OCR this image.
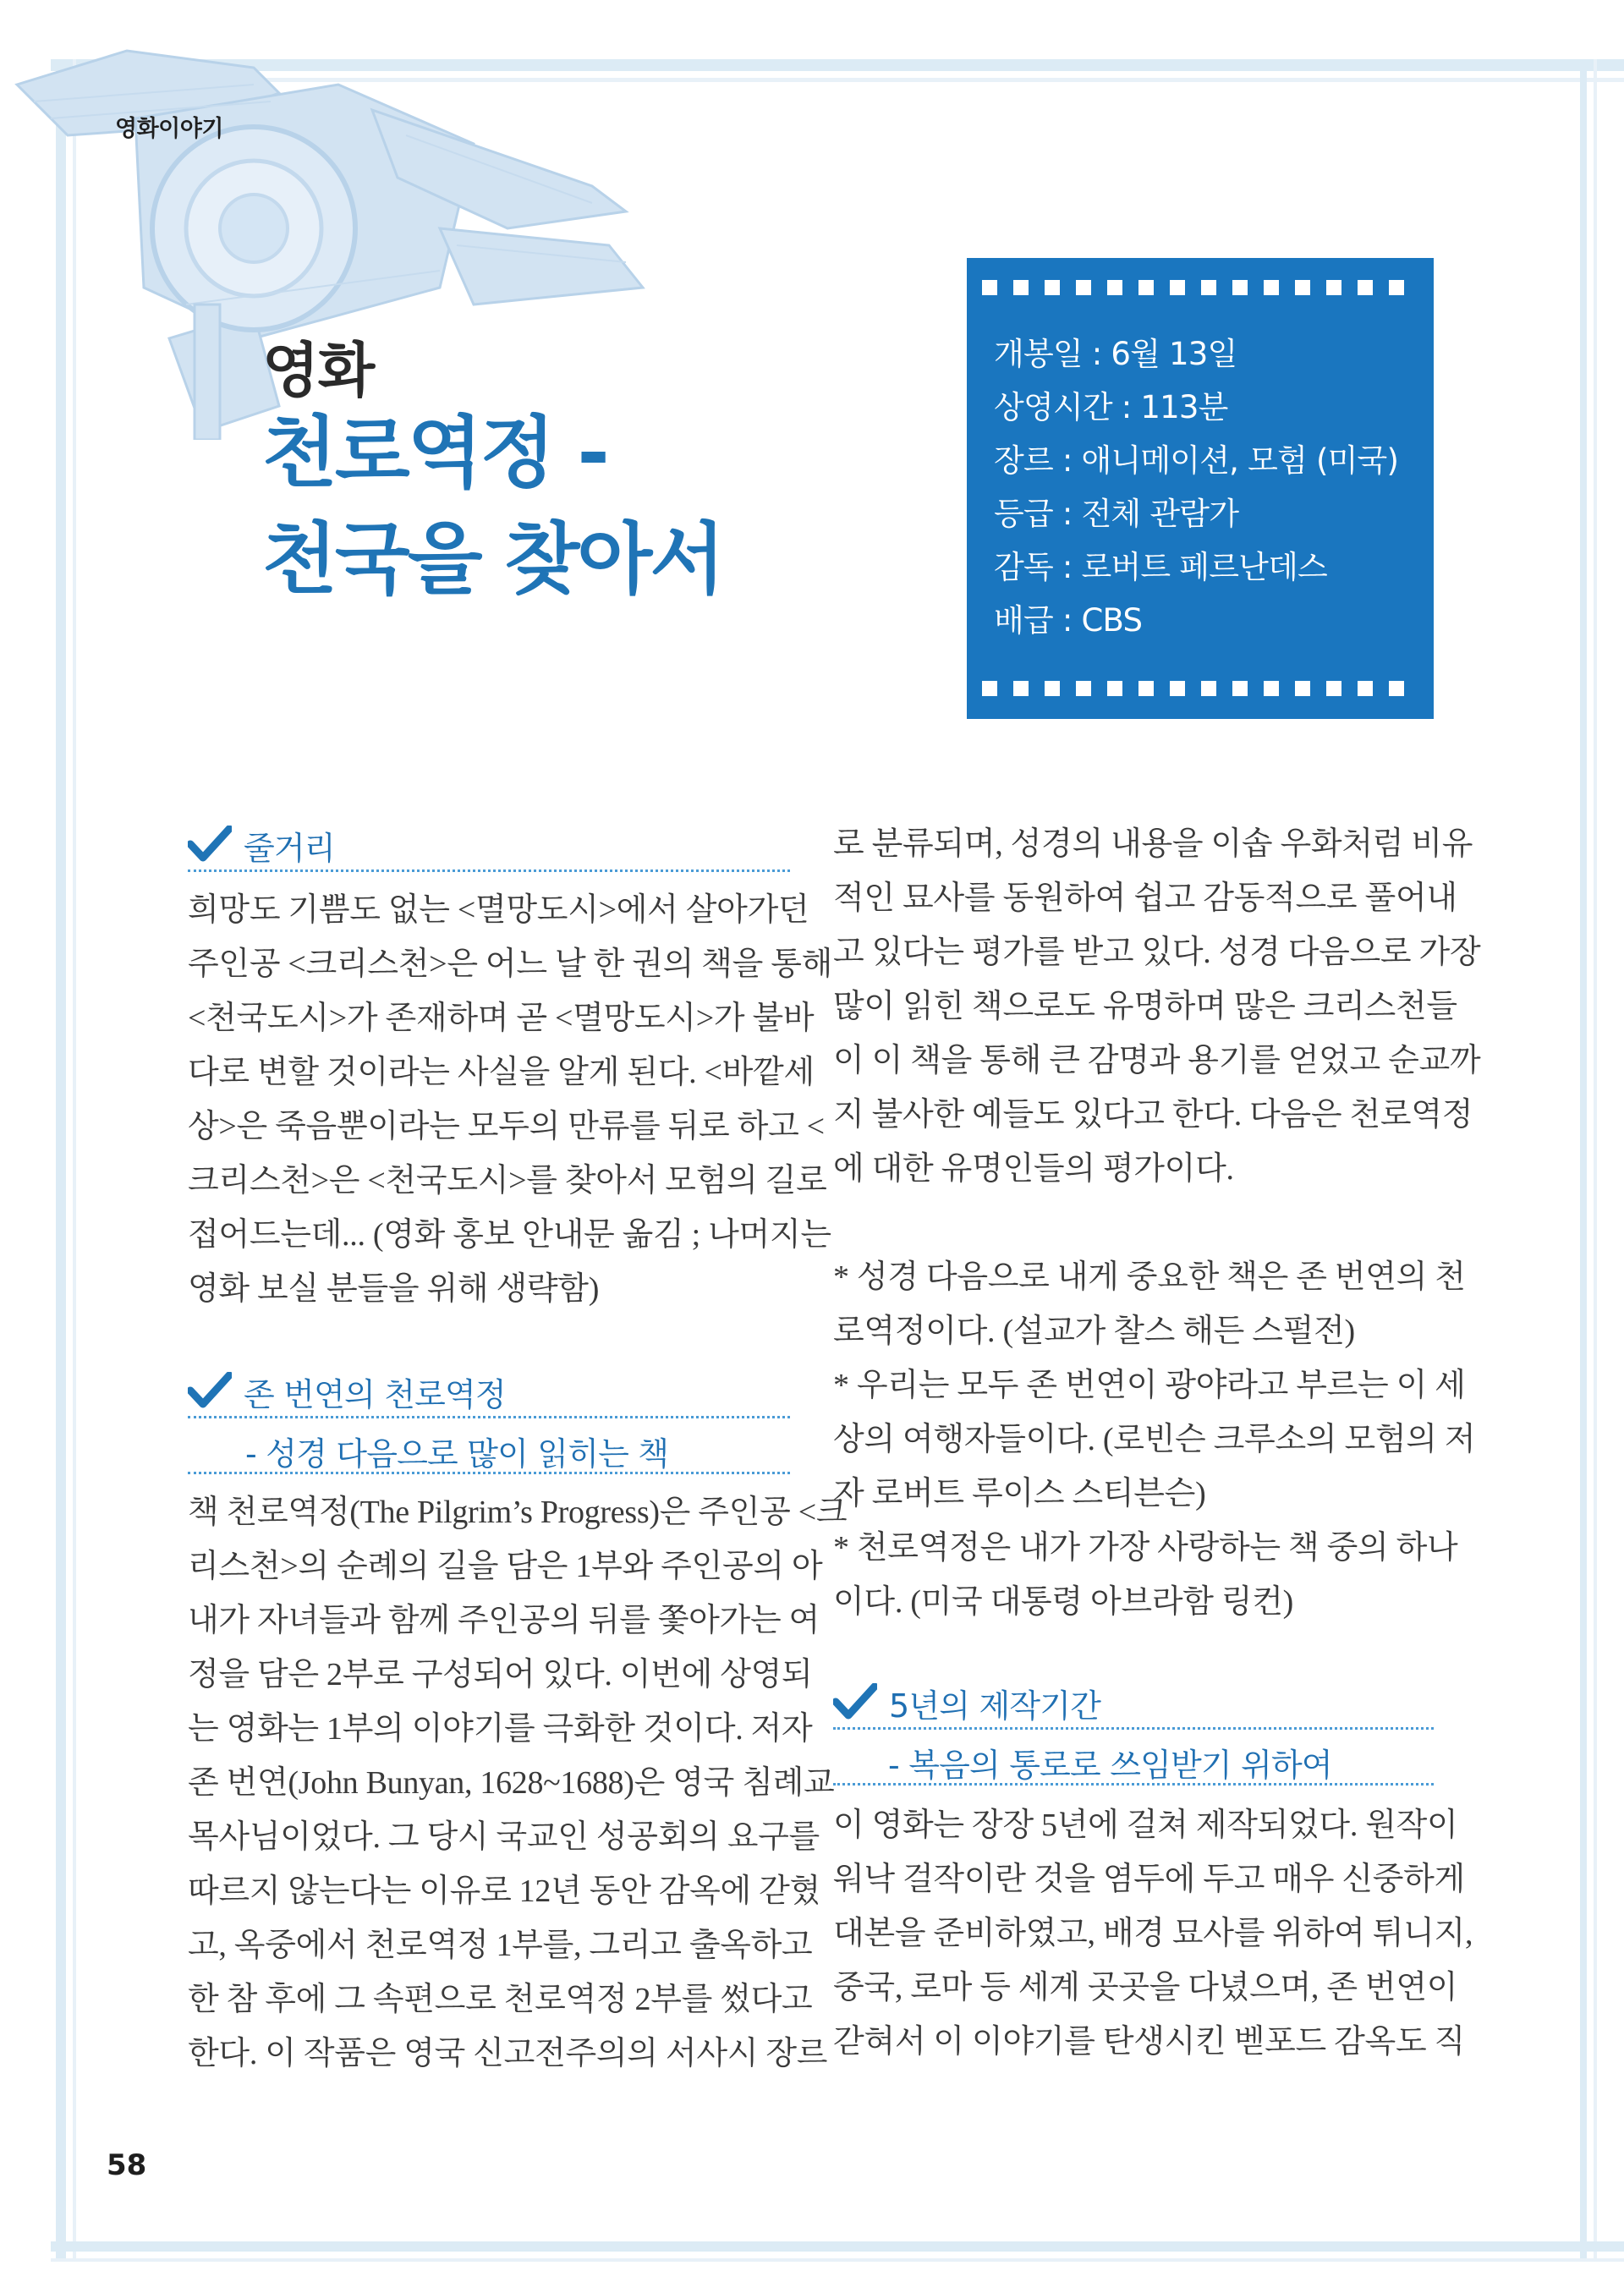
영화이야기
영화
천로역정 -
천국을 찾아서
개봉일 : 6월 13일
상영시간 : 113분
장르 : 애니메이션, 모험 (미국)
등급 : 전체 관람가
감독 : 로버트 페르난데스
배급 : CBS
줄거리
희망도 기쁨도 없는 <멸망도시>에서 살아가던
주인공 <크리스천>은 어느 날 한 권의 책을 통해
<천국도시>가 존재하며 곧 <멸망도시>가 불바
다로 변할 것이라는 사실을 알게 된다. <바깥세
상>은 죽음뿐이라는 모두의 만류를 뒤로 하고 <
크리스천>은 <천국도시>를 찾아서 모험의 길로
접어드는데... (영화 홍보 안내문 옮김 ; 나머지는
영화 보실 분들을 위해 생략함)
존 번연의 천로역정
- 성경 다음으로 많이 읽히는 책
책 천로역정(The Pilgrim’s Progress)은 주인공 <크
리스천>의 순례의 길을 담은 1부와 주인공의 아
내가 자녀들과 함께 주인공의 뒤를 쫓아가는 여
정을 담은 2부로 구성되어 있다. 이번에 상영되
는 영화는 1부의 이야기를 극화한 것이다. 저자
존 번연(John Bunyan, 1628~1688)은 영국 침례교
목사님이었다. 그 당시 국교인 성공회의 요구를
따르지 않는다는 이유로 12년 동안 감옥에 갇혔
고, 옥중에서 천로역정 1부를, 그리고 출옥하고
한 참 후에 그 속편으로 천로역정 2부를 썼다고
한다. 이 작품은 영국 신고전주의의 서사시 장르
로 분류되며, 성경의 내용을 이솝 우화처럼 비유
적인 묘사를 동원하여 쉽고 감동적으로 풀어내
고 있다는 평가를 받고 있다. 성경 다음으로 가장
많이 읽힌 책으로도 유명하며 많은 크리스천들
이 이 책을 통해 큰 감명과 용기를 얻었고 순교까
지 불사한 예들도 있다고 한다. 다음은 천로역정
에 대한 유명인들의 평가이다.
* 성경 다음으로 내게 중요한 책은 존 번연의 천
로역정이다. (설교가 찰스 해든 스펄전)
* 우리는 모두 존 번연이 광야라고 부르는 이 세
상의 여행자들이다. (로빈슨 크루소의 모험의 저
자 로버트 루이스 스티븐슨)
* 천로역정은 내가 가장 사랑하는 책 중의 하나
이다. (미국 대통령 아브라함 링컨)
5년의 제작기간
- 복음의 통로로 쓰임받기 위하여
이 영화는 장장 5년에 걸쳐 제작되었다. 원작이
워낙 걸작이란 것을 염두에 두고 매우 신중하게
대본을 준비하였고, 배경 묘사를 위하여 튀니지,
중국, 로마 등 세계 곳곳을 다녔으며, 존 번연이
갇혀서 이 이야기를 탄생시킨 벧포드 감옥도 직
58
